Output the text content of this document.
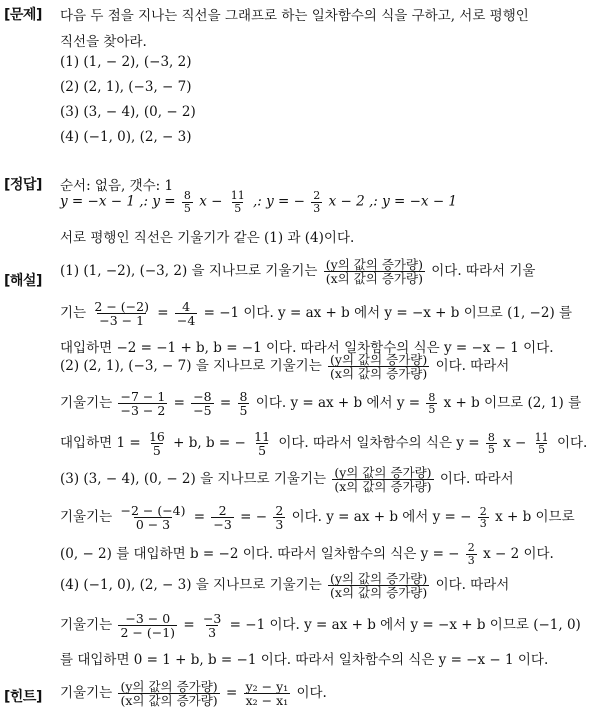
[문제] 다음 두 점을 지나는 직선을 그래프로 하는 일차함수의 식을 구하고, 서로 평행인
직선을 찾아라.
(1) (1, − 2), (−3, 2)
(2) (2, 1), (−3, − 7)
(3) (3, − 4), (0, − 2)
(4) (−1, 0), (2, − 3)
[정답] 순서: 없음, 갯수: 1
y = −x − 1 ,: $y = \frac{8}{5}$ $x - \frac{11}{5}$ ,: y = − $\frac{2}{3}$ x − 2 ,: y = −x − 1
서로 평행인 직선은 기울기가 같은 (1) 과 (4)이다.
[해설]
(1) (1, −2), (−3, 2) 을 지나므로 기울기는 $\frac{\text{(y의 값의 증가량)}}{\text{(x의 값의 증가량)}}$ 이다. 따라서 기울
기는 $\frac{2 - (-2)}{-3 - 1} = \frac{4}{-4} = -1$ 이다. y = ax + b 에서 y = −x + b 이므로 (1, −2) 를
대입하면 −2 = −1 + b, b = −1 이다. 따라서 일차함수의 식은 y = −x − 1 이다.
(2) (2, 1), (−3, − 7) 을 지나므로 기울기는 $\frac{\text{(y의 값의 증가량)}}{\text{(x의 값의 증가량)}}$ 이다. 따라서
기울기는 $\frac{-7 - 1}{-3 - 2} = \frac{-8}{-5} = \frac{8}{5}$ 이다. y = ax + b 에서 $y = \frac{8}{5}$ x + b 이므로 (2, 1) 를
대입하면 $1 = \frac{16}{5} + b$, b = − $\frac{11}{5}$ 이다. 따라서 일차함수의 식은 $y = \frac{8}{5}$ $x - \frac{11}{5}$ 이다.
(3) (3, − 4), (0, − 2) 을 지나므로 기울기는 $\frac{\text{(y의 값의 증가량)}}{\text{(x의 값의 증가량)}}$ 이다. 따라서
기울기는 $\frac{-2 - (-4)}{0 - 3} = \frac{2}{-3}$ = − $\frac{2}{3}$ 이다. y = ax + b 에서 y = − $\frac{2}{3}$ x + b 이므로
(0, − 2) 를 대입하면 b = −2 이다. 따라서 일차함수의 식은 y = − $\frac{2}{3}$ x − 2 이다.
(4) (−1, 0), (2, − 3) 을 지나므로 기울기는 $\frac{\text{(y의 값의 증가량)}}{\text{(x의 값의 증가량)}}$ 이다. 따라서
기울기는 $\frac{-3 - 0}{2 - (-1)} = \frac{-3}{3} = -1$ 이다. y = ax + b 에서 y = −x + b 이므로 (−1, 0)
를 대입하면 0 = 1 + b, b = −1 이다. 따라서 일차함수의 식은 y = −x − 1 이다.
[힌트] 기울기는 $\frac{\text{(y의 값의 증가량)}}{\text{(x의 값의 증가량)}} = \frac{\text{y₂ − y₁}}{\text{x₂ − x₁}}$ 이다.
